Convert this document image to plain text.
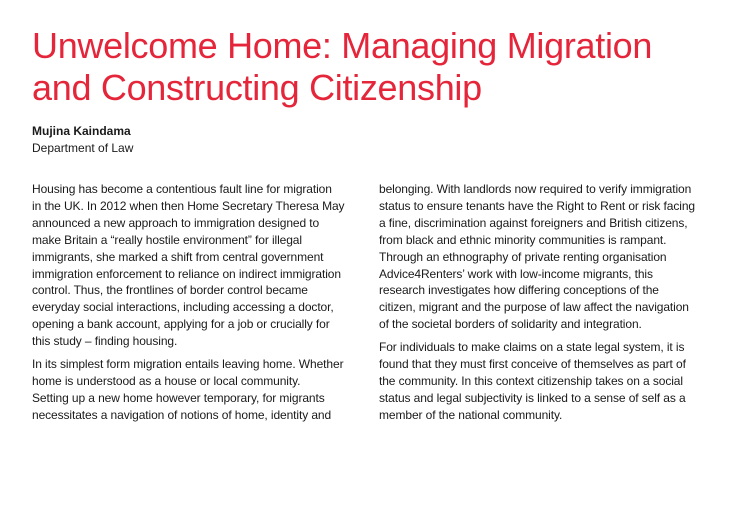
Unwelcome Home: Managing Migration
and Constructing Citizenship

Mujina Kaindama

Department of Law

Housing has become a contentious fault line for migration
in the UK. In 2012 when then Home Secretary Theresa May
announced a new approach to immigration designed to
make Britain a “really hostile environment” for illegal
immigrants, she marked a shift from central government
immigration enforcement to reliance on indirect immigration
control. Thus, the frontlines of border control became
everyday social interactions, including accessing a doctor,
opening a bank account, applying for a job or crucially for
this study – finding housing.
In its simplest form migration entails leaving home. Whether
home is understood as a house or local community.
Setting up a new home however temporary, for migrants
necessitates a navigation of notions of home, identity and
belonging. With landlords now required to verify immigration
status to ensure tenants have the Right to Rent or risk facing
a fine, discrimination against foreigners and British citizens,
from black and ethnic minority communities is rampant.
Through an ethnography of private renting organisation
Advice4Renters’ work with low-income migrants, this
research investigates how differing conceptions of the
citizen, migrant and the purpose of law affect the navigation
of the societal borders of solidarity and integration.
For individuals to make claims on a state legal system, it is
found that they must first conceive of themselves as part of
the community. In this context citizenship takes on a social
status and legal subjectivity is linked to a sense of self as a
member of the national community.
